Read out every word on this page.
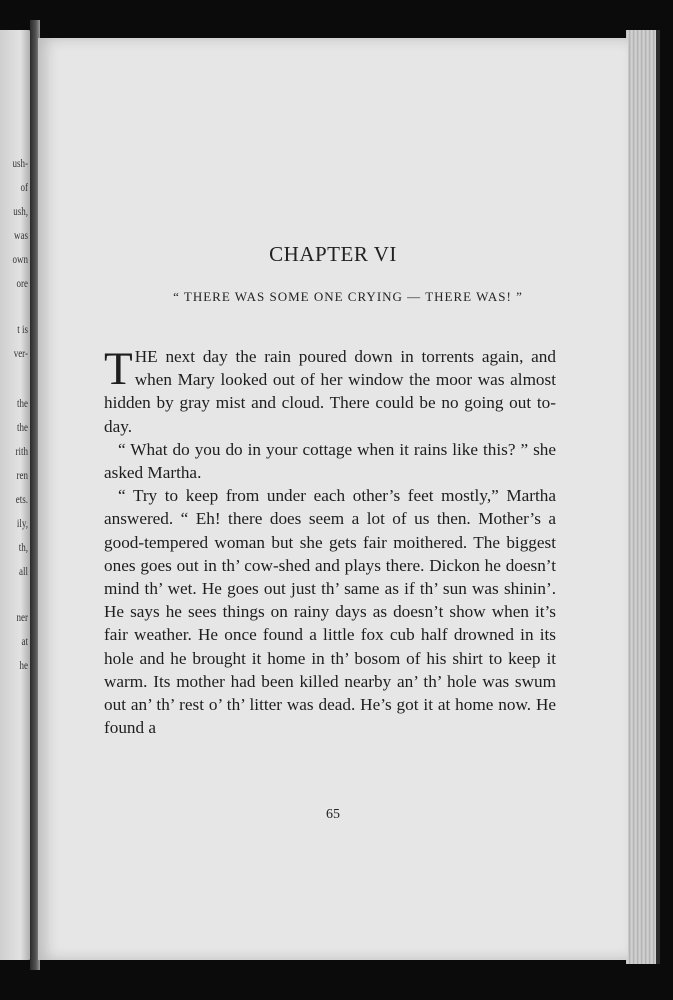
ush-
of
ush,
was
own
ore
t is
ver-
the
the
rith
ren
ets.
ily,
th,
all
ner
at
he
CHAPTER VI
“ THERE WAS SOME ONE CRYING — THERE WAS! ”

THE next day the rain poured down in torrents again, and when Mary looked out of her window the moor was almost hidden by gray mist and cloud. There could be no going out to-day.

“ What do you do in your cottage when it rains like this? ” she asked Martha.

“ Try to keep from under each other’s feet mostly,” Martha answered. “ Eh! there does seem a lot of us then. Mother’s a good-tempered woman but she gets fair moithered. The biggest ones goes out in th’ cow-shed and plays there. Dickon he doesn’t mind th’ wet. He goes out just th’ same as if th’ sun was shinin’. He says he sees things on rainy days as doesn’t show when it’s fair weather. He once found a little fox cub half drowned in its hole and he brought it home in th’ bosom of his shirt to keep it warm. Its mother had been killed nearby an’ th’ hole was swum out an’ th’ rest o’ th’ litter was dead. He’s got it at home now. He found a

65
